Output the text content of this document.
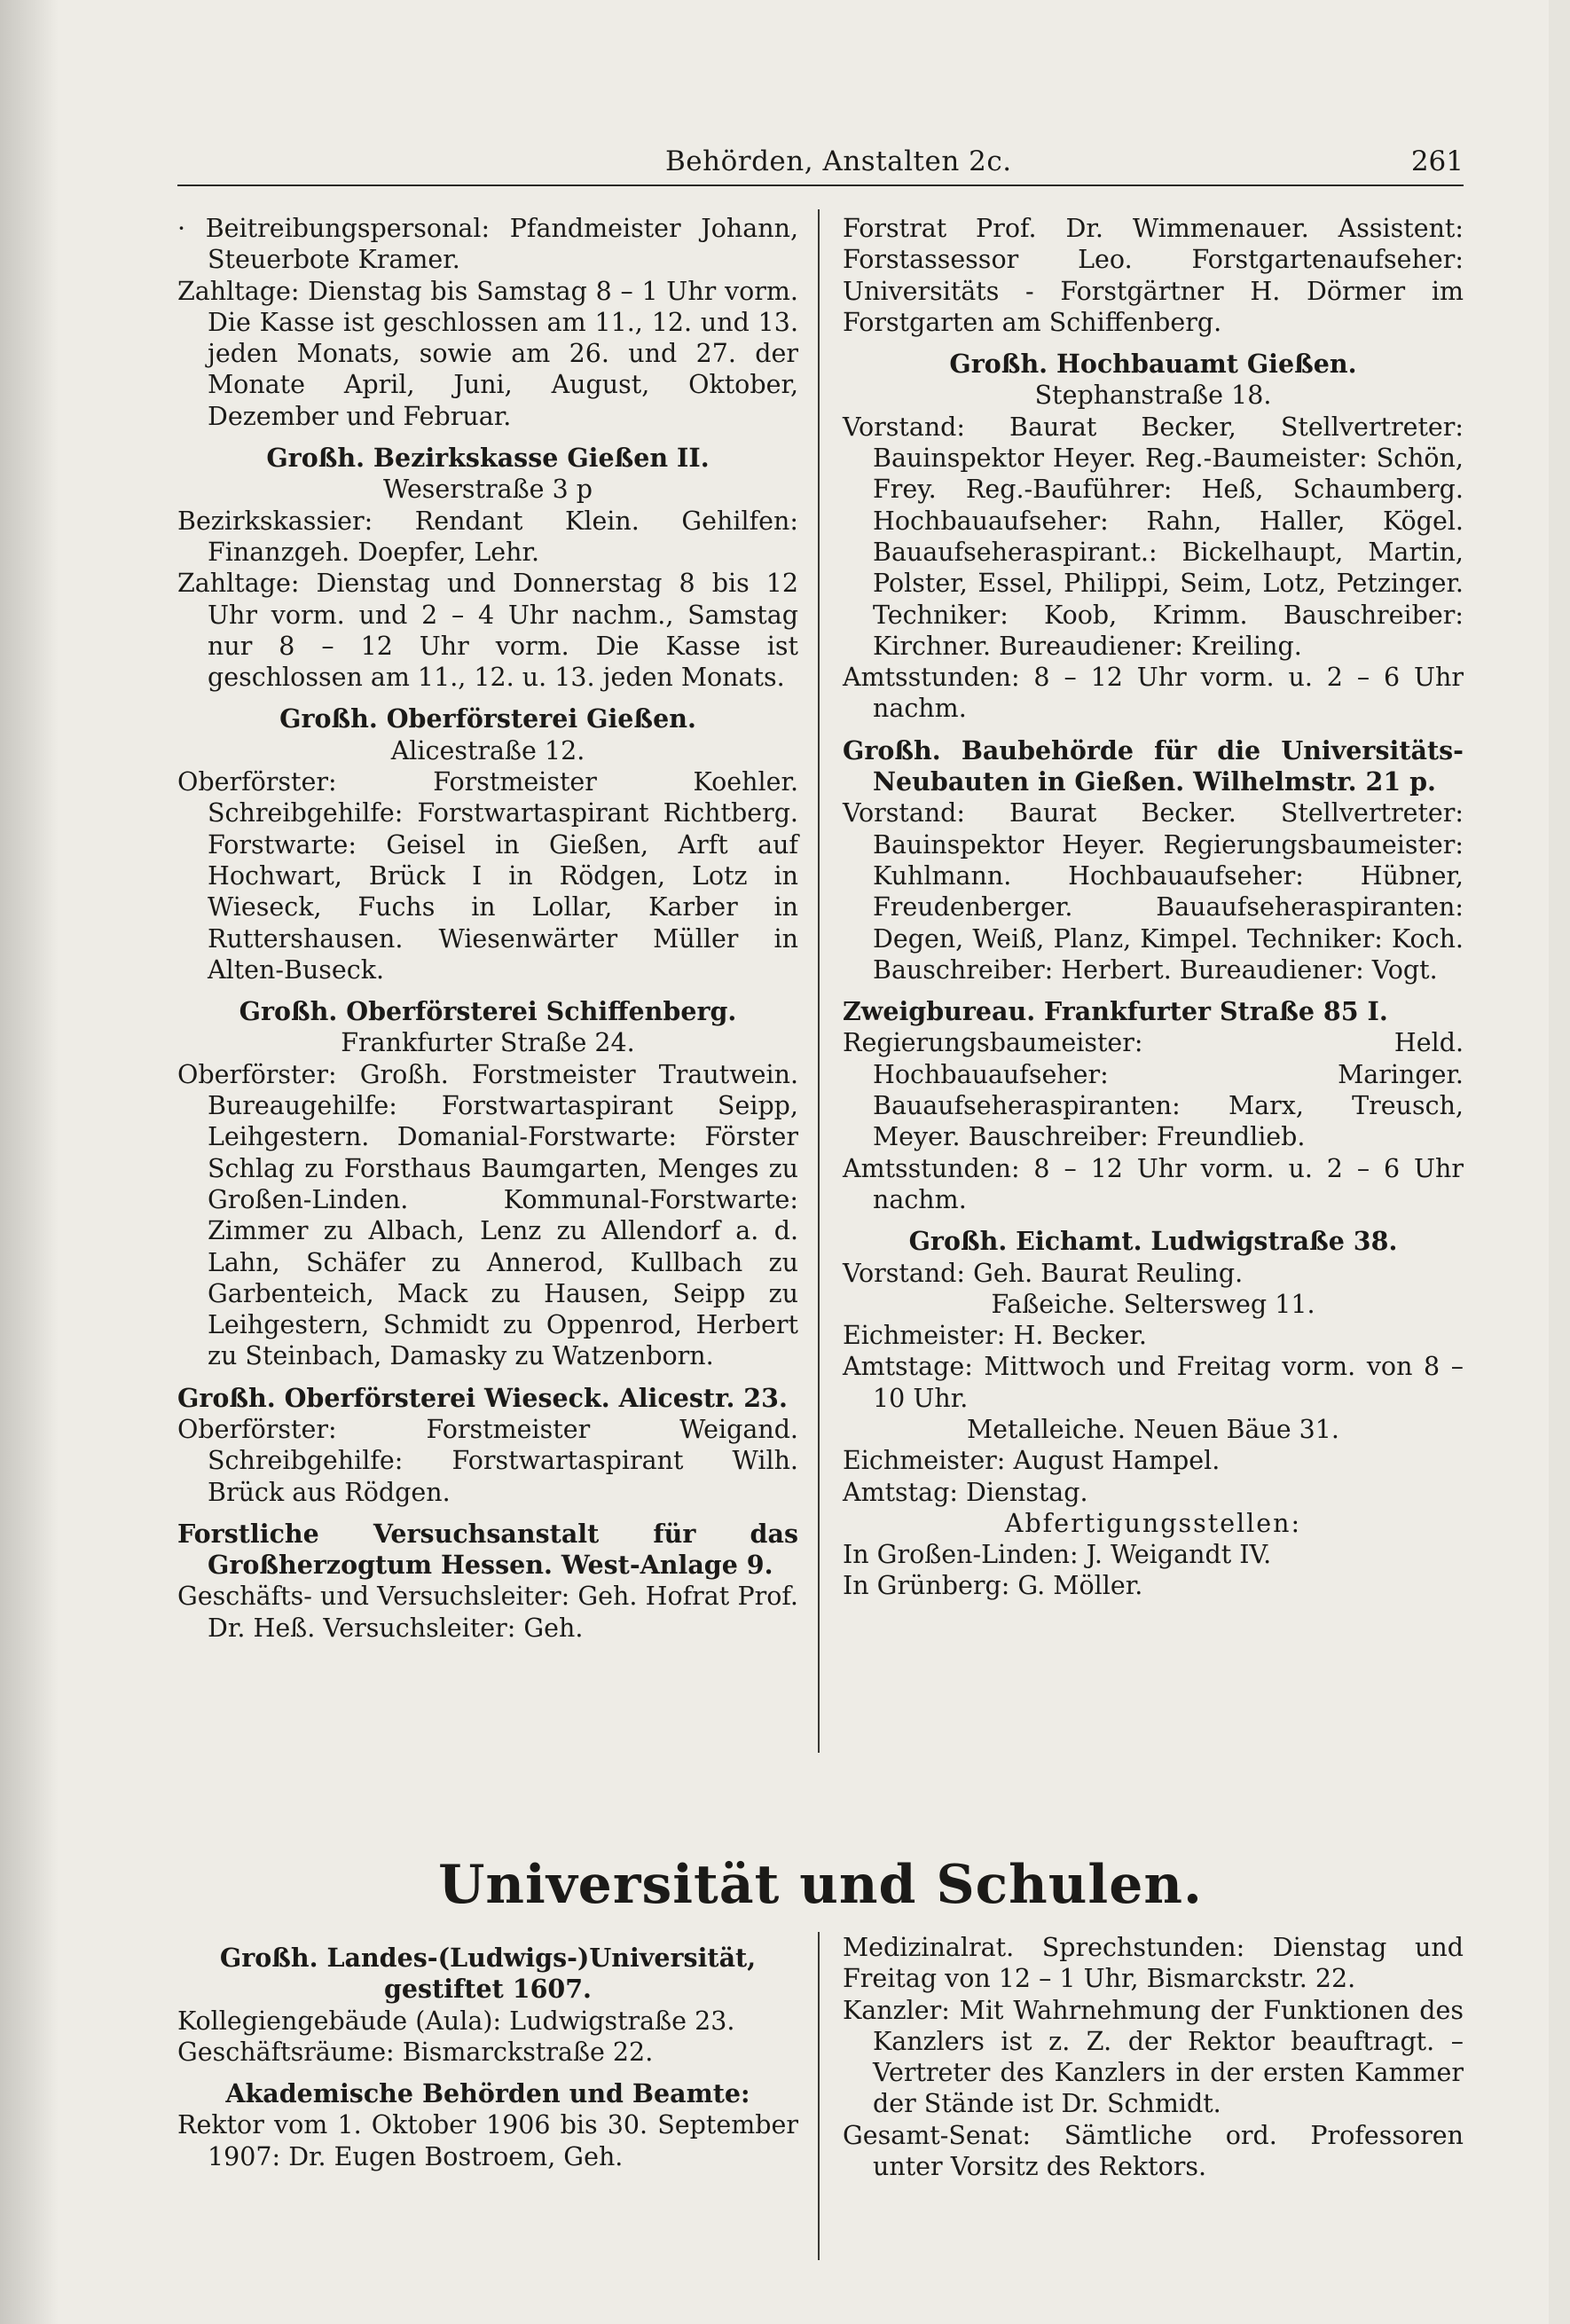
Behörden, Anstalten 2c.	261

· Beitreibungspersonal: Pfandmeister Johann, Steuerbote Kramer.

Zahltage: Dienstag bis Samstag 8 – 1 Uhr vorm. Die Kasse ist geschlossen am 11., 12. und 13. jeden Monats, sowie am 26. und 27. der Monate April, Juni, August, Oktober, Dezember und Februar.

Großh. Bezirkskasse Gießen II.

Weserstraße 3 p

Bezirkskassier: Rendant Klein. Gehilfen: Finanzgeh. Doepfer, Lehr.

Zahltage: Dienstag und Donnerstag 8 bis 12 Uhr vorm. und 2 – 4 Uhr nachm., Samstag nur 8 – 12 Uhr vorm. Die Kasse ist geschlossen am 11., 12. u. 13. jeden Monats.

Großh. Oberförsterei Gießen.

Alicestraße 12.

Oberförster: Forstmeister Koehler. Schreibgehilfe: Forstwartaspirant Richtberg. Forstwarte: Geisel in Gießen, Arft auf Hochwart, Brück I in Rödgen, Lotz in Wieseck, Fuchs in Lollar, Karber in Ruttershausen. Wiesenwärter Müller in Alten-Buseck.

Großh. Oberförsterei Schiffenberg.

Frankfurter Straße 24.

Oberförster: Großh. Forstmeister Trautwein. Bureaugehilfe: Forstwartaspirant Seipp, Leihgestern. Domanial-Forstwarte: Förster Schlag zu Forsthaus Baumgarten, Menges zu Großen-Linden. Kommunal-Forstwarte: Zimmer zu Albach, Lenz zu Allendorf a. d. Lahn, Schäfer zu Annerod, Kullbach zu Garbenteich, Mack zu Hausen, Seipp zu Leihgestern, Schmidt zu Oppenrod, Herbert zu Steinbach, Damasky zu Watzenborn.

Großh. Oberförsterei Wieseck. Alicestr. 23.

Oberförster: Forstmeister Weigand. Schreibgehilfe: Forstwartaspirant Wilh. Brück aus Rödgen.

Forstliche Versuchsanstalt für das Großherzogtum Hessen. West-Anlage 9.

Geschäfts- und Versuchsleiter: Geh. Hofrat Prof. Dr. Heß. Versuchsleiter: Geh.

Forstrat Prof. Dr. Wimmenauer. Assistent: Forstassessor Leo. Forstgartenaufseher: Universitäts - Forstgärtner H. Dörmer im Forstgarten am Schiffenberg.

Großh. Hochbauamt Gießen.

Stephanstraße 18.

Vorstand: Baurat Becker, Stellvertreter: Bauinspektor Heyer. Reg.-Baumeister: Schön, Frey. Reg.-Bauführer: Heß, Schaumberg. Hochbauaufseher: Rahn, Haller, Kögel. Bauaufseheraspirant.: Bickelhaupt, Martin, Polster, Essel, Philippi, Seim, Lotz, Petzinger. Techniker: Koob, Krimm. Bauschreiber: Kirchner. Bureaudiener: Kreiling.

Amtsstunden: 8 – 12 Uhr vorm. u. 2 – 6 Uhr nachm.

Großh. Baubehörde für die Universitäts-Neubauten in Gießen. Wilhelmstr. 21 p.

Vorstand: Baurat Becker. Stellvertreter: Bauinspektor Heyer. Regierungsbaumeister: Kuhlmann. Hochbauaufseher: Hübner, Freudenberger. Bauaufseheraspiranten: Degen, Weiß, Planz, Kimpel. Techniker: Koch. Bauschreiber: Herbert. Bureaudiener: Vogt.

Zweigbureau. Frankfurter Straße 85 I.

Regierungsbaumeister: Held. Hochbauaufseher: Maringer. Bauaufseheraspiranten: Marx, Treusch, Meyer. Bauschreiber: Freundlieb.

Amtsstunden: 8 – 12 Uhr vorm. u. 2 – 6 Uhr nachm.

Großh. Eichamt. Ludwigstraße 38.

Vorstand: Geh. Baurat Reuling.

Faßeiche. Seltersweg 11.

Eichmeister: H. Becker.

Amtstage: Mittwoch und Freitag vorm. von 8 – 10 Uhr.

Metalleiche. Neuen Bäue 31.

Eichmeister: August Hampel.

Amtstag: Dienstag.

Abfertigungsstellen:

In Großen-Linden: J. Weigandt IV.

In Grünberg: G. Möller.

Universität und Schulen.

Großh. Landes-(Ludwigs-)Universität, gestiftet 1607.

Kollegiengebäude (Aula): Ludwigstraße 23.

Geschäftsräume: Bismarckstraße 22.

Akademische Behörden und Beamte:

Rektor vom 1. Oktober 1906 bis 30. September 1907: Dr. Eugen Bostroem, Geh.

Medizinalrat. Sprechstunden: Dienstag und Freitag von 12 – 1 Uhr, Bismarckstr. 22.

Kanzler: Mit Wahrnehmung der Funktionen des Kanzlers ist z. Z. der Rektor beauftragt. – Vertreter des Kanzlers in der ersten Kammer der Stände ist Dr. Schmidt.

Gesamt-Senat: Sämtliche ord. Professoren unter Vorsitz des Rektors.
